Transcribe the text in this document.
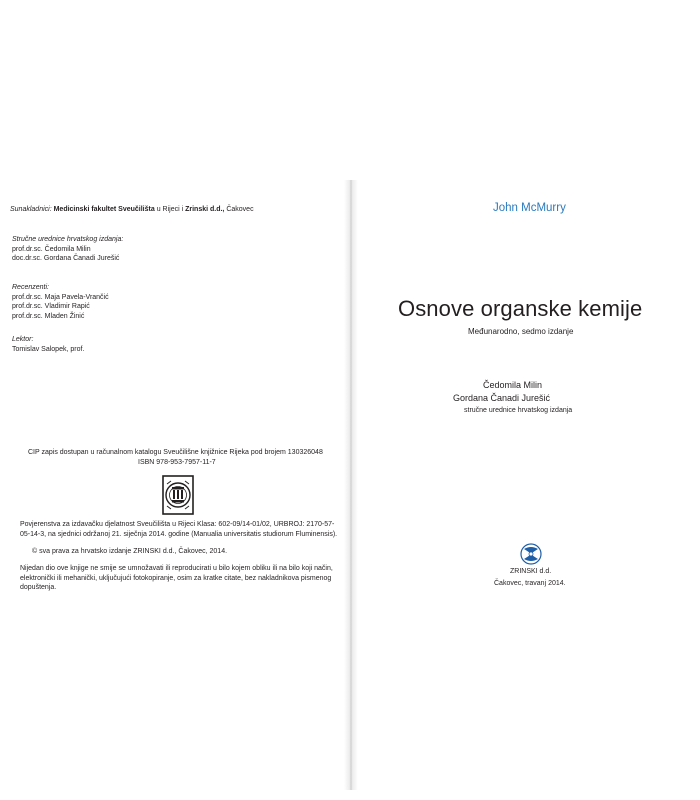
Sunakladnici: Medicinski fakultet Sveučilišta u Rijeci i Zrinski d.d., Čakovec
Stručne urednice hrvatskog izdanja:
prof.dr.sc. Čedomila Milin
doc.dr.sc. Gordana Čanadi Jurešić
Recenzenti:
prof.dr.sc. Maja Pavela-Vrančić
prof.dr.sc. Vladimir Rapić
prof.dr.sc. Mladen Žinić
Lektor:
Tomislav Salopek, prof.
CIP zapis dostupan u računalnom katalogu Sveučilišne knjižnice Rijeka pod brojem 130326048
ISBN 978-953-7957-11-7
Povjerenstva za izdavačku djelatnost Sveučilišta u Rijeci Klasa: 602-09/14-01/02, URBROJ: 2170-57-05-14-3, na sjednici održanoj 21. siječnja 2014. godine (Manualia universitatis studiorum Fluminensis).
© sva prava za hrvatsko izdanje ZRINSKI d.d., Čakovec, 2014.
Nijedan dio ove knjige ne smije se umnožavati ili reproducirati u bilo kojem obliku ili na bilo koji način, elektronički ili mehanički, uključujući fotokopiranje, osim za kratke citate, bez nakladnikova pismenog dopuštenja.
John McMurry
Osnove organske kemije
Međunarodno, sedmo izdanje
Čedomila Milin
Gordana Čanadi Jurešić
stručne urednice hrvatskog izdanja
ZRINSKI d.d.
Čakovec, travanj 2014.
